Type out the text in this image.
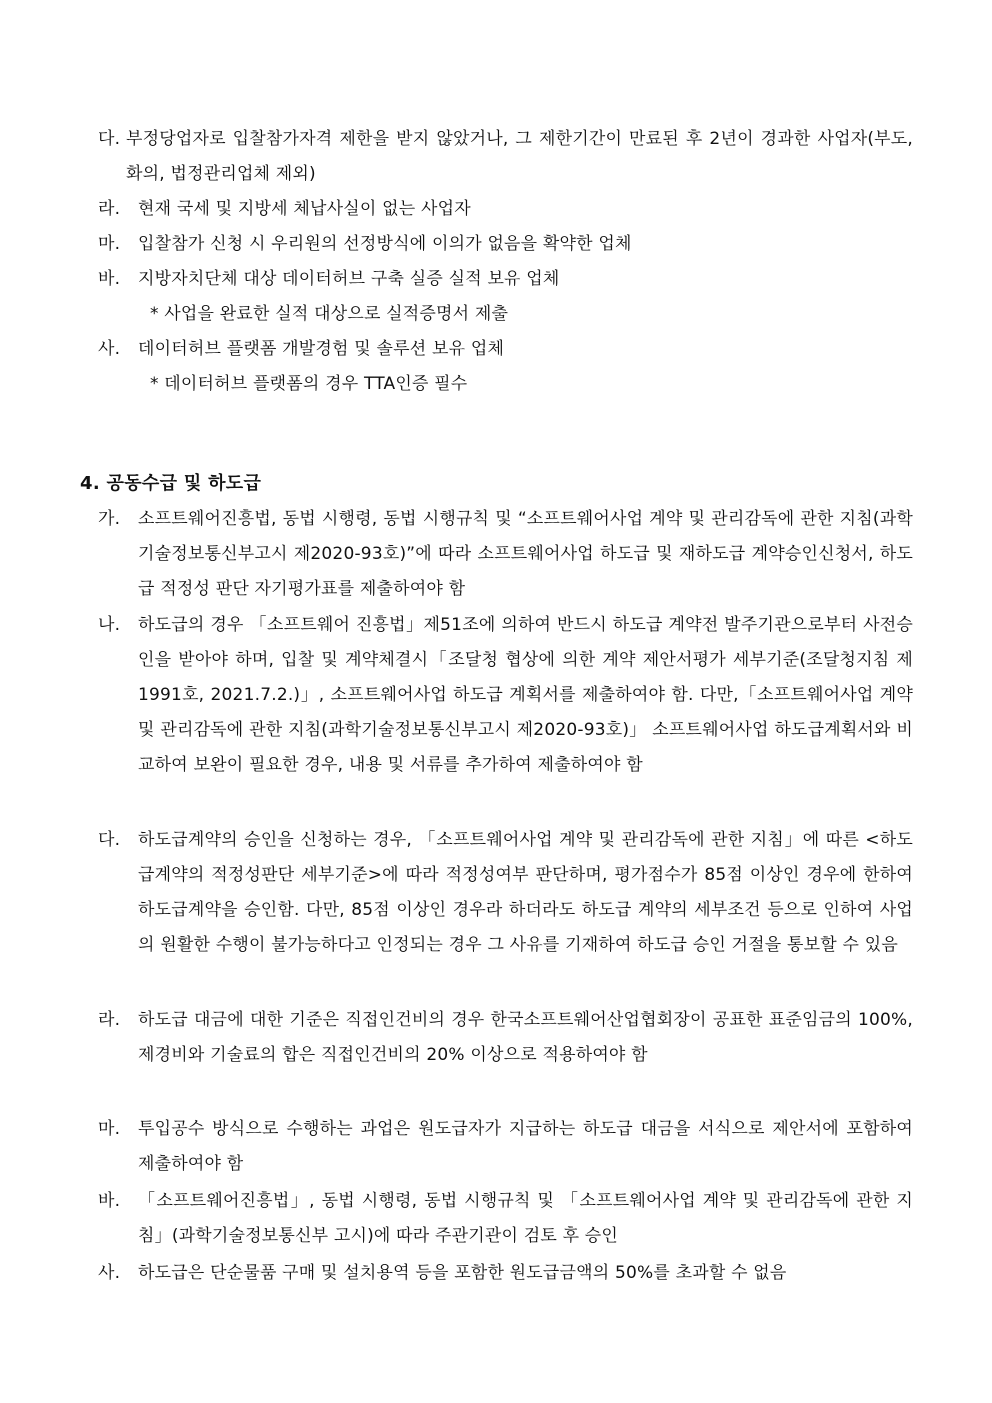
다. 부정당업자로 입찰참가자격 제한을 받지 않았거나, 그 제한기간이 만료된 후 2년이 경과한 사업자(부도, 화의, 법정관리업체 제외)
라.	현재 국세 및 지방세 체납사실이 없는 사업자
마.	입찰참가 신청 시 우리원의 선정방식에 이의가 없음을 확약한 업체
바.	지방자치단체 대상 데이터허브 구축 실증 실적 보유 업체
* 사업을 완료한 실적 대상으로 실적증명서 제출
사.	데이터허브 플랫폼 개발경험 및 솔루션 보유 업체
* 데이터허브 플랫폼의 경우 TTA인증 필수
4. 공동수급 및 하도급
가.	소프트웨어진흥법, 동법 시행령, 동법 시행규칙 및 “소프트웨어사업 계약 및 관리감독에 관한 지침(과학기술정보통신부고시 제2020-93호)”에 따라 소프트웨어사업 하도급 및 재하도급 계약승인신청서, 하도급 적정성 판단 자기평가표를 제출하여야 함
나.	하도급의 경우 「소프트웨어 진흥법」제51조에 의하여 반드시 하도급 계약전 발주기관으로부터 사전승인을 받아야 하며, 입찰 및 계약체결시「조달청 협상에 의한 계약 제안서평가 세부기준(조달청지침 제1991호, 2021.7.2.)」, 소프트웨어사업 하도급 계획서를 제출하여야 함. 다만,「소프트웨어사업 계약 및 관리감독에 관한 지침(과학기술정보통신부고시 제2020-93호)」 소프트웨어사업 하도급계획서와 비교하여 보완이 필요한 경우, 내용 및 서류를 추가하여 제출하여야 함
다.	하도급계약의 승인을 신청하는 경우, 「소프트웨어사업 계약 및 관리감독에 관한 지침」에 따른 <하도급계약의 적정성판단 세부기준>에 따라 적정성여부 판단하며, 평가점수가 85점 이상인 경우에 한하여 하도급계약을 승인함. 다만, 85점 이상인 경우라 하더라도 하도급 계약의 세부조건 등으로 인하여 사업의 원활한 수행이 불가능하다고 인정되는 경우 그 사유를 기재하여 하도급 승인 거절을 통보할 수 있음
라.	하도급 대금에 대한 기준은 직접인건비의 경우 한국소프트웨어산업협회장이 공표한 표준임금의 100%, 제경비와 기술료의 합은 직접인건비의 20% 이상으로 적용하여야 함
마.	투입공수 방식으로 수행하는 과업은 원도급자가 지급하는 하도급 대금을 서식으로 제안서에 포함하여 제출하여야 함
바.	「소프트웨어진흥법」, 동법 시행령, 동법 시행규칙 및 「소프트웨어사업 계약 및 관리감독에 관한 지침」(과학기술정보통신부 고시)에 따라 주관기관이 검토 후 승인
사.	하도급은 단순물품 구매 및 설치용역 등을 포함한 원도급금액의 50%를 초과할 수 없음
